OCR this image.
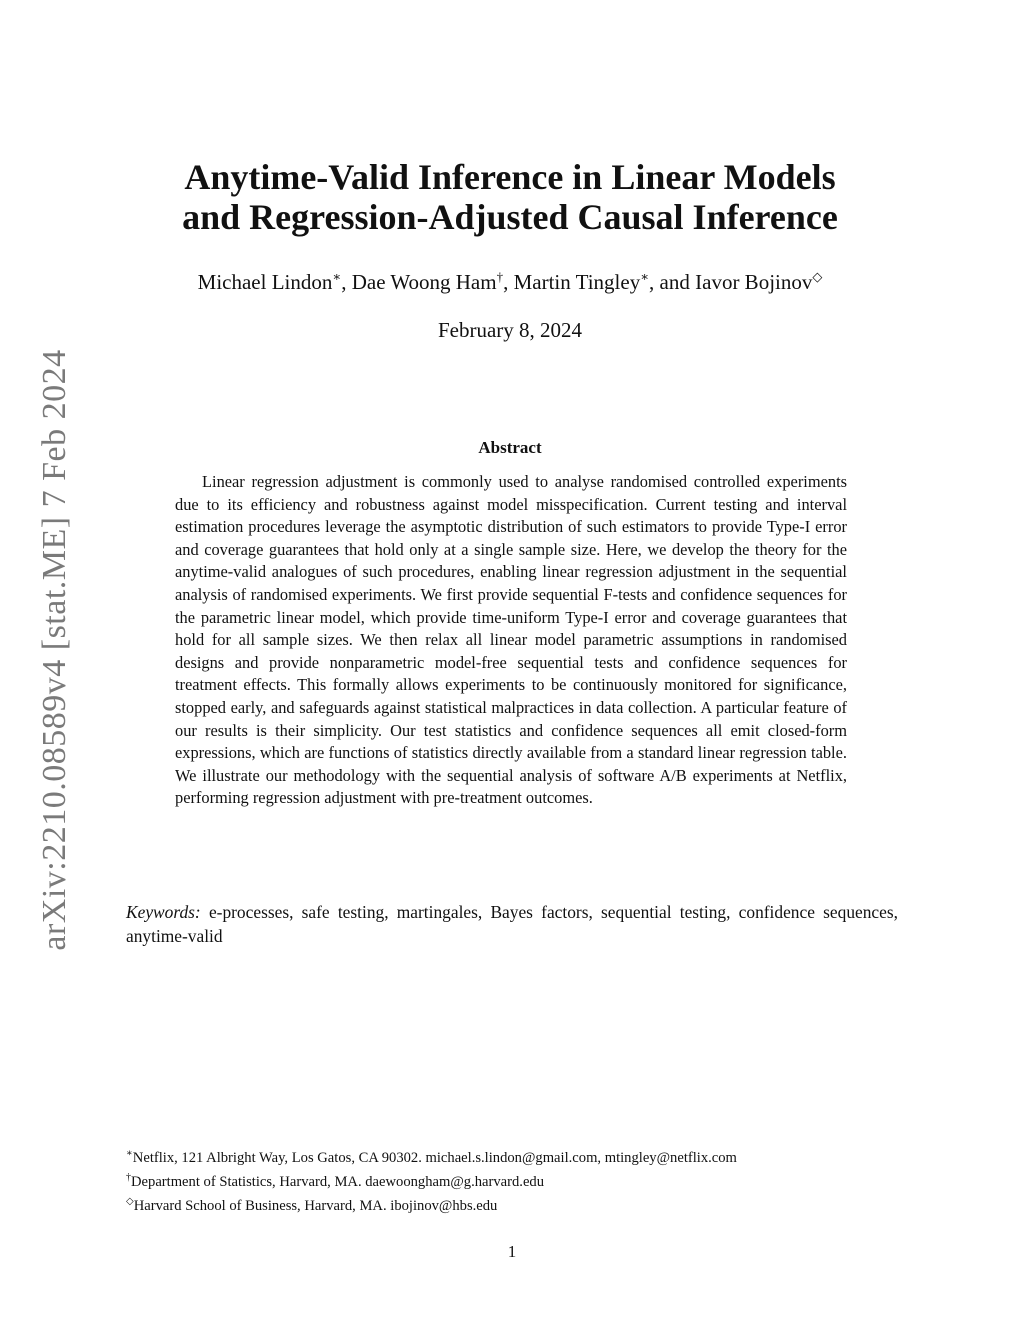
arXiv:2210.08589v4 [stat.ME] 7 Feb 2024
Anytime-Valid Inference in Linear Models
and Regression-Adjusted Causal Inference
Michael Lindon∗, Dae Woong Ham†, Martin Tingley∗, and Iavor Bojinov◇
February 8, 2024
Abstract

Linear regression adjustment is commonly used to analyse randomised controlled experiments due to its efficiency and robustness against model misspecification. Current testing and interval estimation procedures leverage the asymptotic distribution of such estimators to provide Type-I error and coverage guarantees that hold only at a single sample size. Here, we develop the theory for the anytime-valid analogues of such procedures, enabling linear regression adjustment in the sequential analysis of randomised experiments. We first provide sequential F-tests and confidence sequences for the parametric linear model, which provide time-uniform Type-I error and coverage guarantees that hold for all sample sizes. We then relax all linear model parametric assumptions in randomised designs and provide nonparametric model-free sequential tests and confidence sequences for treatment effects. This formally allows experiments to be continuously monitored for significance, stopped early, and safeguards against statistical malpractices in data collection. A particular feature of our results is their simplicity. Our test statistics and confidence sequences all emit closed-form expressions, which are functions of statistics directly available from a standard linear regression table. We illustrate our methodology with the sequential analysis of software A/B experiments at Netflix, performing regression adjustment with pre-treatment outcomes.

Keywords: e-processes, safe testing, martingales, Bayes factors, sequential testing, confidence sequences, anytime-valid

∗Netflix, 121 Albright Way, Los Gatos, CA 90302. michael.s.lindon@gmail.com, mtingley@netflix.com
†Department of Statistics, Harvard, MA. daewoongham@g.harvard.edu
◇Harvard School of Business, Harvard, MA. ibojinov@hbs.edu
1
